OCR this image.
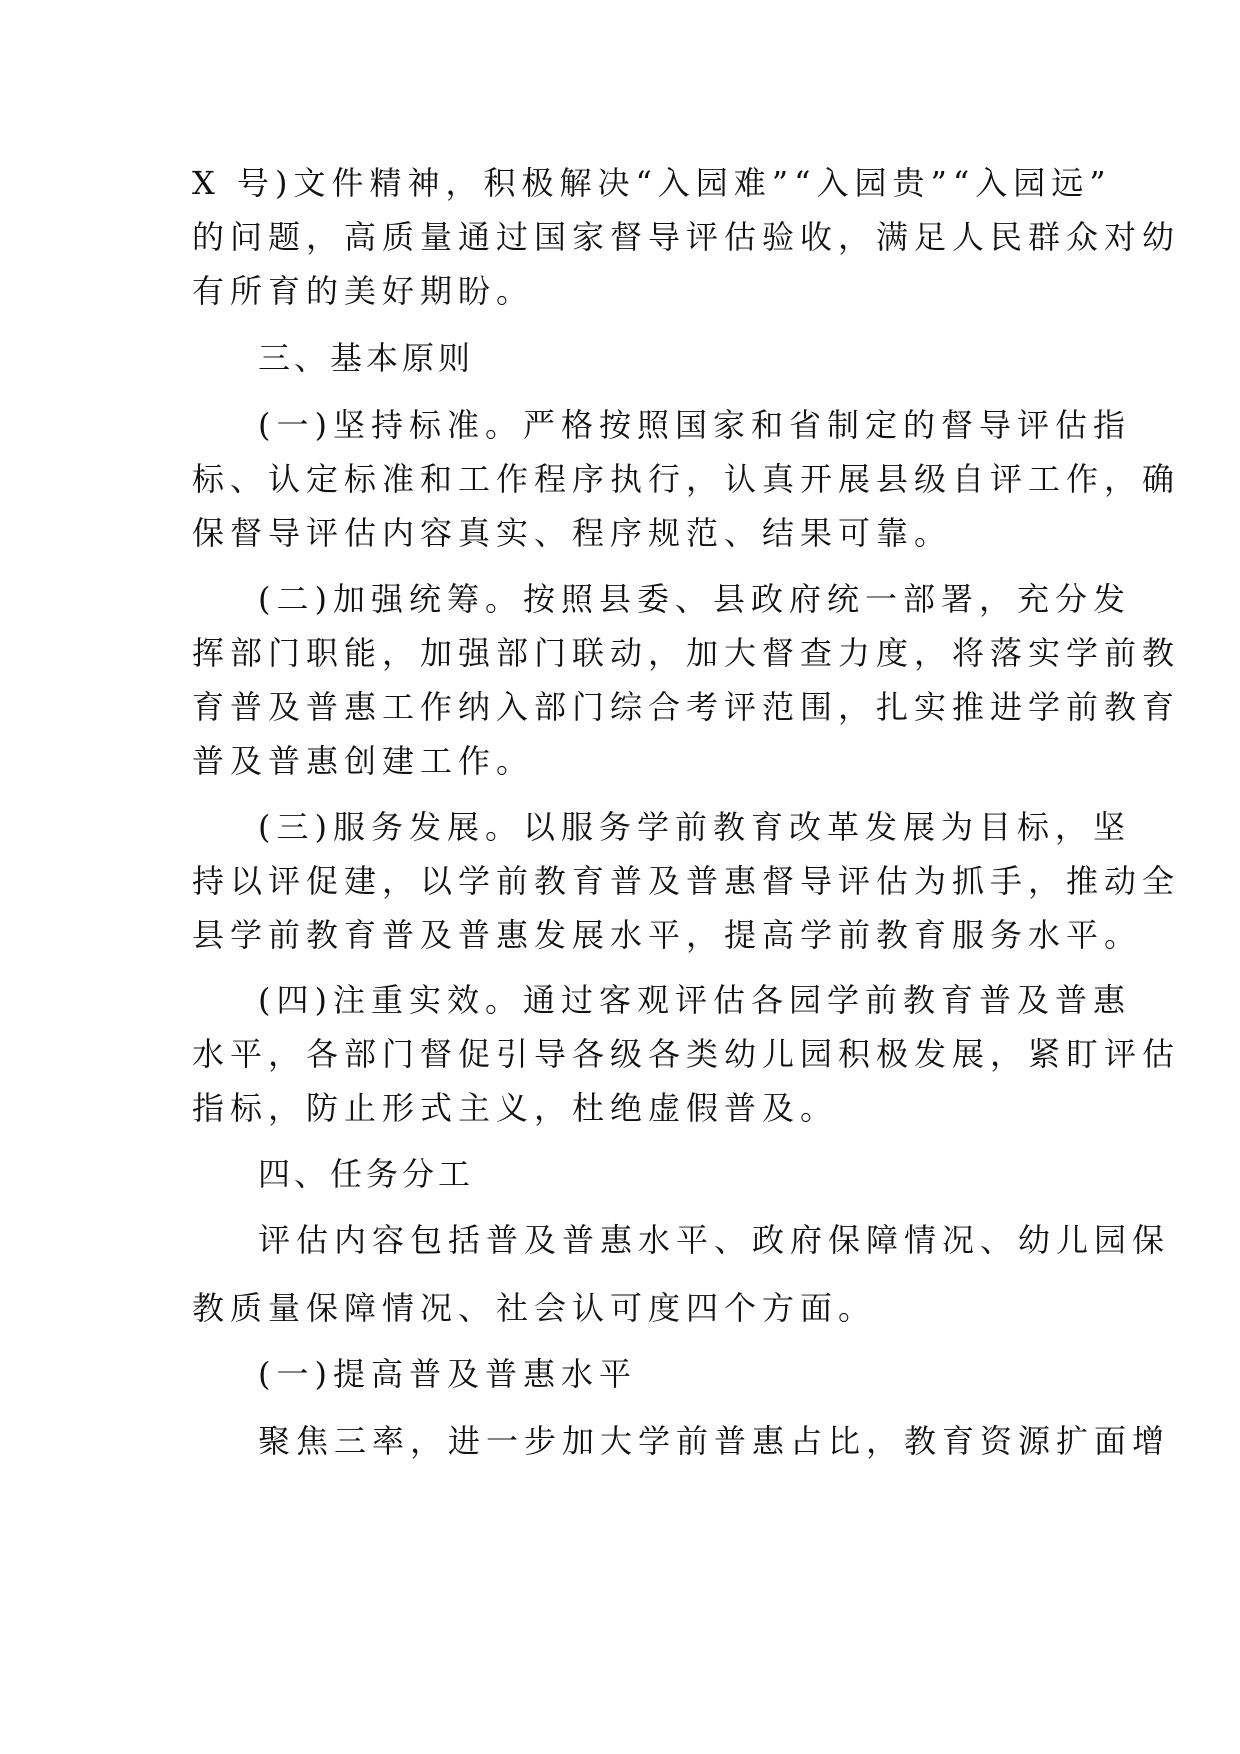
X 号)文件精神，积极解决“入园难”“入园贵”“入园远”
的问题，高质量通过国家督导评估验收，满足人民群众对幼
有所育的美好期盼。
三、基本原则
(一)坚持标准。严格按照国家和省制定的督导评估指
标、认定标准和工作程序执行，认真开展县级自评工作，确
保督导评估内容真实、程序规范、结果可靠。
(二)加强统筹。按照县委、县政府统一部署，充分发
挥部门职能，加强部门联动，加大督查力度，将落实学前教
育普及普惠工作纳入部门综合考评范围，扎实推进学前教育
普及普惠创建工作。
(三)服务发展。以服务学前教育改革发展为目标，坚
持以评促建，以学前教育普及普惠督导评估为抓手，推动全
县学前教育普及普惠发展水平，提高学前教育服务水平。
(四)注重实效。通过客观评估各园学前教育普及普惠
水平，各部门督促引导各级各类幼儿园积极发展，紧盯评估
指标，防止形式主义，杜绝虚假普及。
四、任务分工
评估内容包括普及普惠水平、政府保障情况、幼儿园保
教质量保障情况、社会认可度四个方面。
(一)提高普及普惠水平
聚焦三率，进一步加大学前普惠占比，教育资源扩面增
